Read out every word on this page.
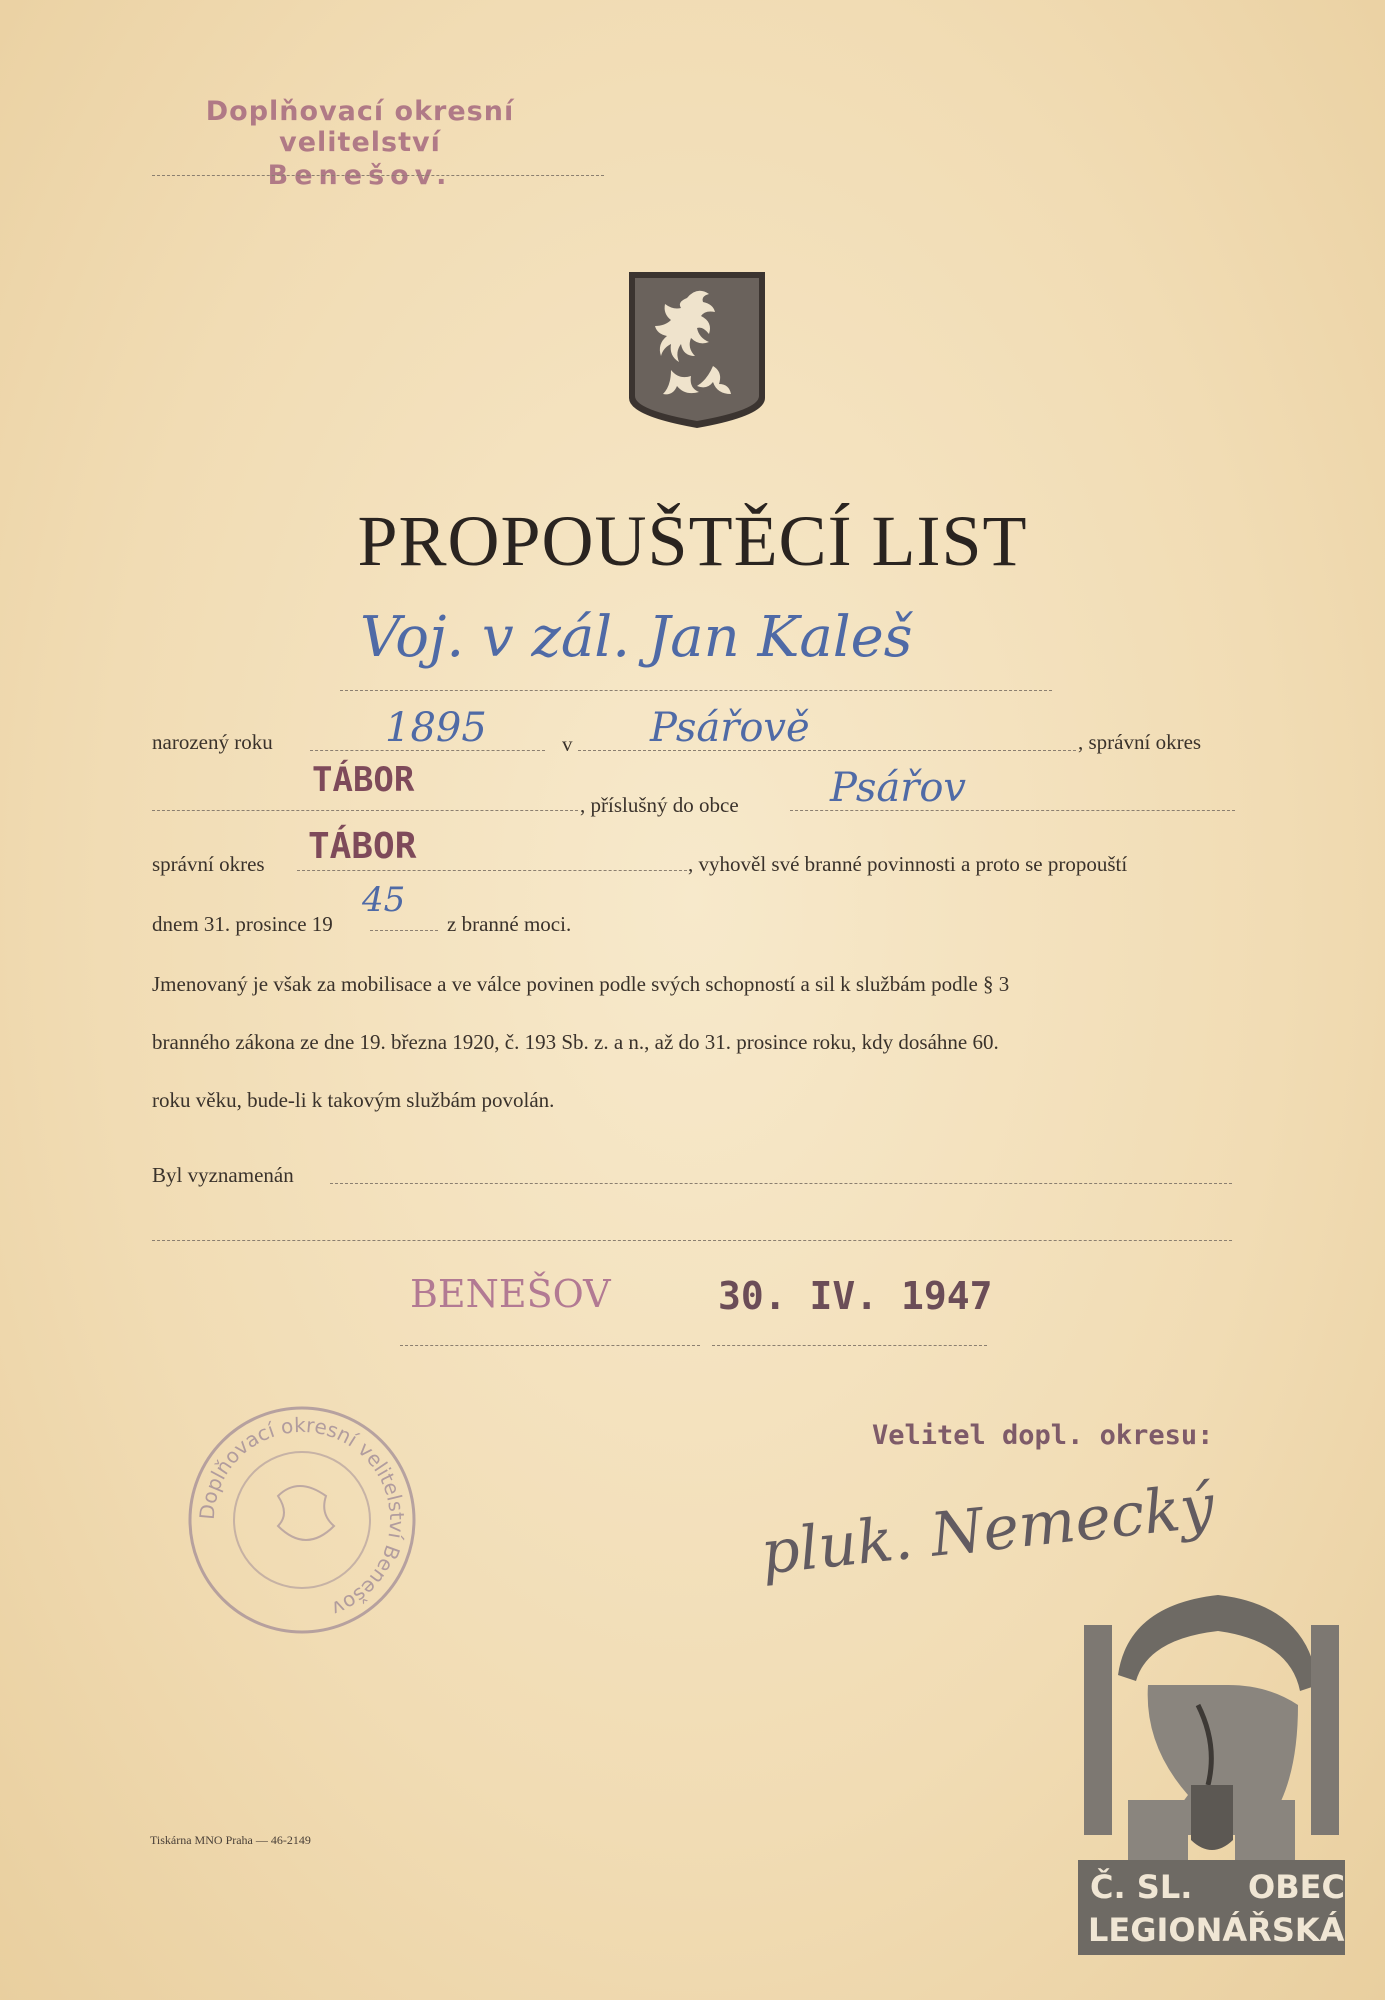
Doplňovací okresní velitelství
Benešov.
PROPOUŠTĚCÍ LIST
Voj. v zál. Jan Kaleš
narozený roku	1895	v Psářově	, správní okres
TÁBOR
, příslušný do obce Psářov
správní okres TÁBOR	, vyhověl své branné povinnosti a proto se propouští
dnem 31. prosince 19
45
z branné moci.
Jmenovaný je však za mobilisace a ve válce povinen podle svých schopností a sil k službám podle § 3
branného zákona ze dne 19. března 1920, č. 193 Sb. z. a n., až do 31. prosince roku, kdy dosáhne 60.
roku věku, bude-li k takovým službám povolán.
Byl vyznamenán
BENEŠOV	30. IV. 1947
Velitel dopl. okresu:
Doplňovací okresní velitelství Benešov
pluk. Nemecký
Tiskárna MNO Praha — 46-2149
Č. SL. OBEC
LEGIONÁŘSKÁ
